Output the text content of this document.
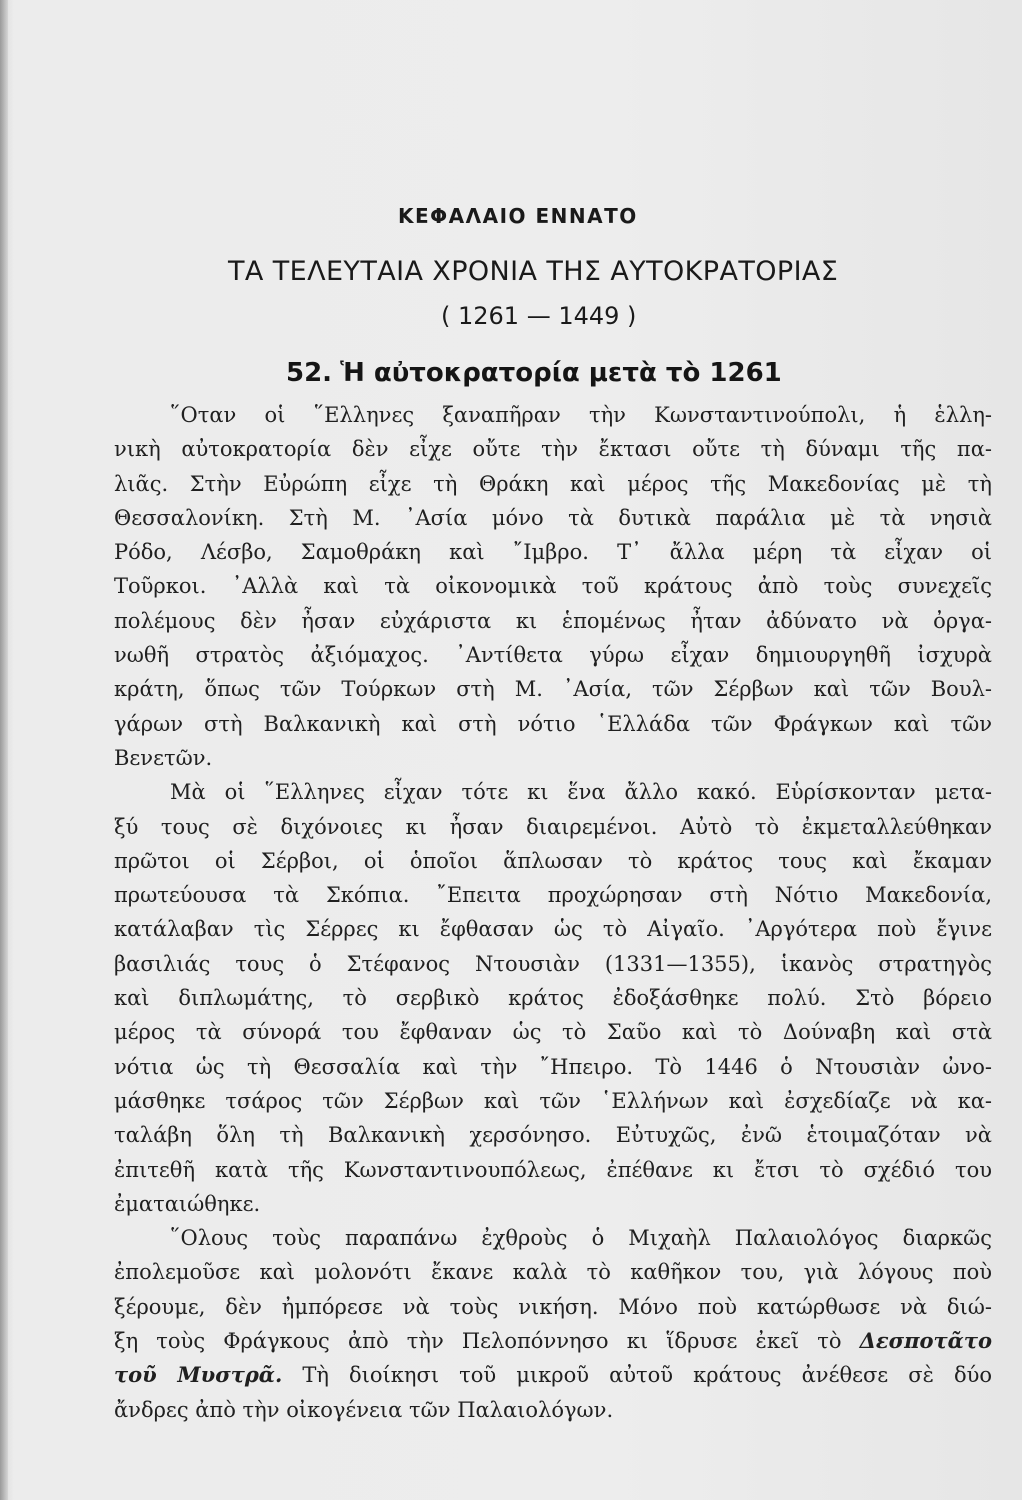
ΚΕΦΑΛΑΙΟ ΕΝΝΑΤΟ
ΤΑ ΤΕΛΕΥΤΑΙΑ ΧΡΟΝΙΑ ΤΗΣ ΑΥΤΟΚΡΑΤΟΡΙΑΣ
( 1261 — 1449 )
52. Ἡ αὐτοκρατορία μετὰ τὸ 1261
῞Οταν οἱ ῞Ελληνες ξαναπῆραν τὴν Κωνσταντινούπολι, ἡ ἑλλη-
νικὴ αὐτοκρατορία δὲν εἶχε οὔτε τὴν ἔκτασι οὔτε τὴ δύναμι τῆς πα-
λιᾶς. Στὴν Εὐρώπη εἶχε τὴ Θράκη καὶ μέρος τῆς Μακεδονίας μὲ τὴ
Θεσσαλονίκη. Στὴ Μ. ᾿Ασία μόνο τὰ δυτικὰ παράλια μὲ τὰ νησιὰ
Ρόδο, Λέσβο, Σαμοθράκη καὶ ῎Ιμβρο. Τ᾿ ἄλλα μέρη τὰ εἶχαν οἱ
Τοῦρκοι. ᾿Αλλὰ καὶ τὰ οἰκονομικὰ τοῦ κράτους ἀπὸ τοὺς συνεχεῖς
πολέμους δὲν ἦσαν εὐχάριστα κι ἑπομένως ἦταν ἀδύνατο νὰ ὀργα-
νωθῆ στρατὸς ἀξιόμαχος. ᾿Αντίθετα γύρω εἶχαν δημιουργηθῆ ἰσχυρὰ
κράτη, ὅπως τῶν Τούρκων στὴ Μ. ᾿Ασία, τῶν Σέρβων καὶ τῶν Βουλ-
γάρων στὴ Βαλκανικὴ καὶ στὴ νότιο ῾Ελλάδα τῶν Φράγκων καὶ τῶν
Βενετῶν.
Μὰ οἱ ῞Ελληνες εἶχαν τότε κι ἕνα ἄλλο κακό. Εὑρίσκονταν μετα-
ξύ τους σὲ διχόνοιες κι ἦσαν διαιρεμένοι. Αὐτὸ τὸ ἐκμεταλλεύθηκαν
πρῶτοι οἱ Σέρβοι, οἱ ὁποῖοι ἅπλωσαν τὸ κράτος τους καὶ ἔκαμαν
πρωτεύουσα τὰ Σκόπια. ῎Επειτα προχώρησαν στὴ Νότιο Μακεδονία,
κατάλαβαν τὶς Σέρρες κι ἔφθασαν ὡς τὸ Αἰγαῖο. ᾿Αργότερα ποὺ ἔγινε
βασιλιάς τους ὁ Στέφανος Ντουσιὰν (1331—1355), ἱκανὸς στρατηγὸς
καὶ διπλωμάτης, τὸ σερβικὸ κράτος ἐδοξάσθηκε πολύ. Στὸ βόρειο
μέρος τὰ σύνορά του ἔφθαναν ὡς τὸ Σαῦο καὶ τὸ Δούναβη καὶ στὰ
νότια ὡς τὴ Θεσσαλία καὶ τὴν ῎Ηπειρο. Τὸ 1446 ὁ Ντουσιὰν ὠνο-
μάσθηκε τσάρος τῶν Σέρβων καὶ τῶν ῾Ελλήνων καὶ ἐσχεδίαζε νὰ κα-
ταλάβη ὅλη τὴ Βαλκανικὴ χερσόνησο. Εὐτυχῶς, ἐνῶ ἑτοιμαζόταν νὰ
ἐπιτεθῆ κατὰ τῆς Κωνσταντινουπόλεως, ἐπέθανε κι ἔτσι τὸ σχέδιό του
ἐματαιώθηκε.
῞Ολους τοὺς παραπάνω ἐχθροὺς ὁ Μιχαὴλ Παλαιολόγος διαρκῶς
ἐπολεμοῦσε καὶ μολονότι ἔκανε καλὰ τὸ καθῆκον του, γιὰ λόγους ποὺ
ξέρουμε, δὲν ἠμπόρεσε νὰ τοὺς νικήση. Μόνο ποὺ κατώρθωσε νὰ διώ-
ξη τοὺς Φράγκους ἀπὸ τὴν Πελοπόννησο κι ἵδρυσε ἐκεῖ τὸ Δεσποτᾶτο
τοῦ Μυστρᾶ. Τὴ διοίκησι τοῦ μικροῦ αὐτοῦ κράτους ἀνέθεσε σὲ δύο
ἄνδρες ἀπὸ τὴν οἰκογένεια τῶν Παλαιολόγων.
